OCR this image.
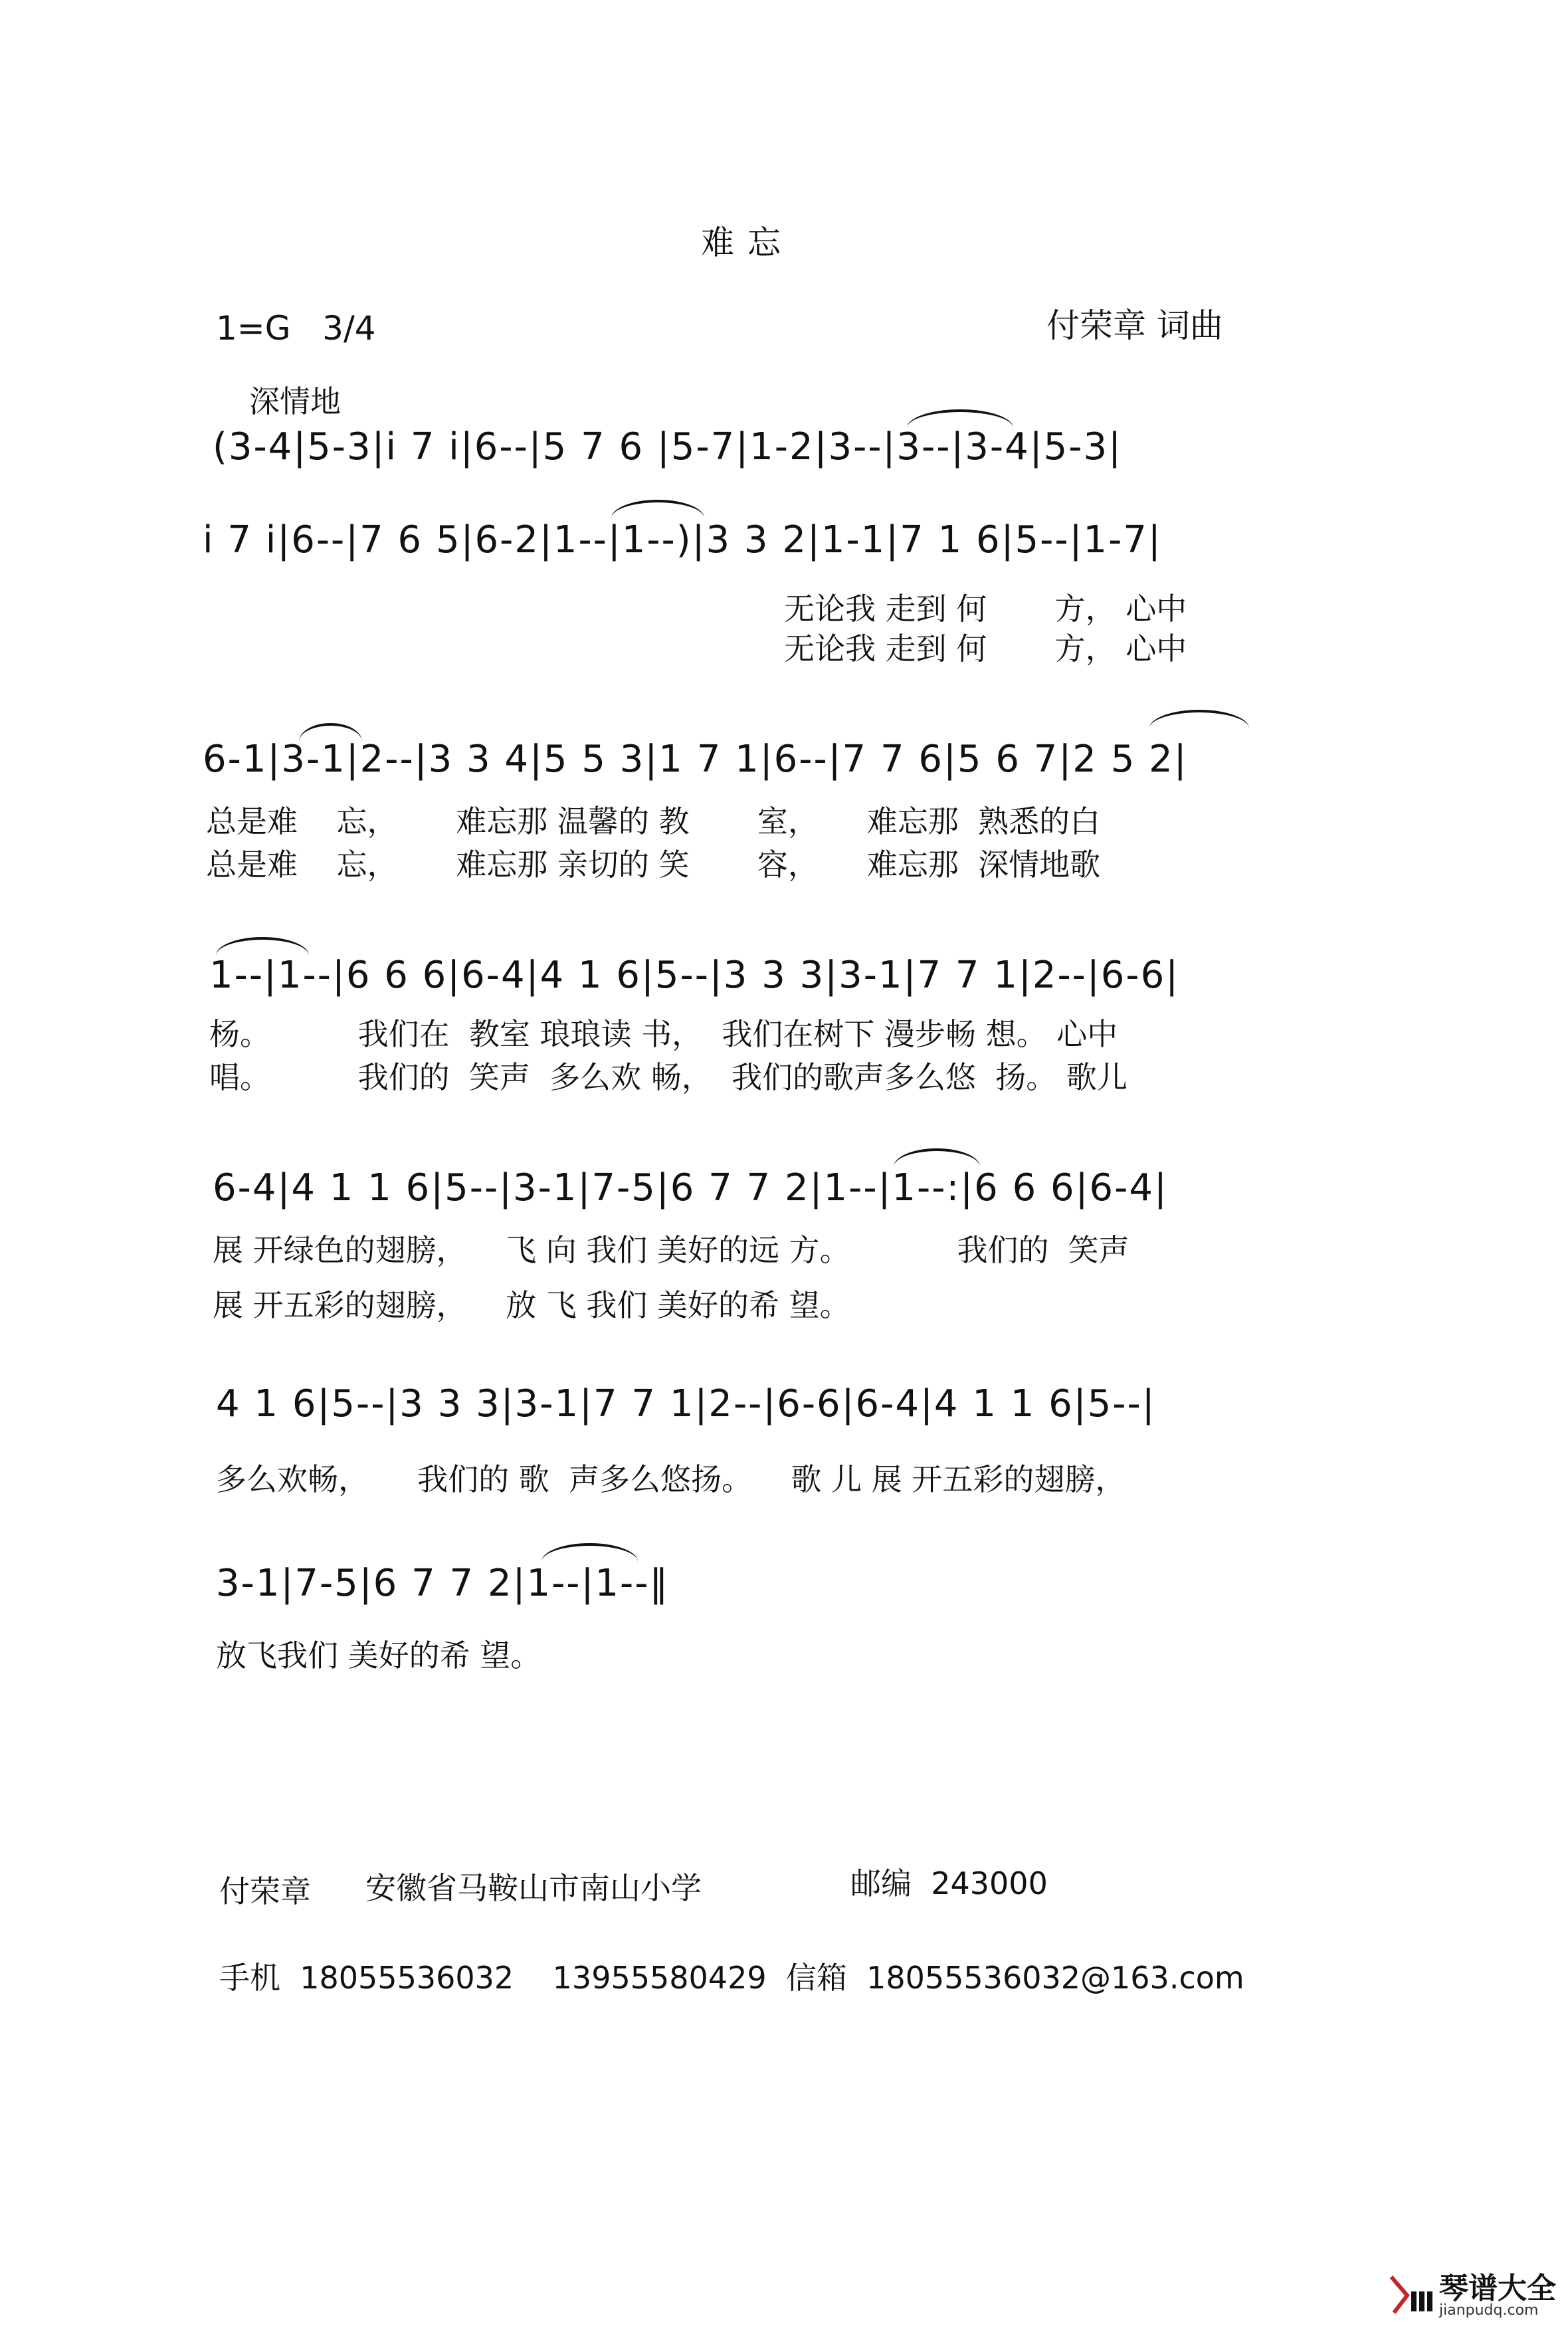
难忘
1=G   3/4	付荣章 词曲
深情地
(3-4|5-3|i 7 i|6--|5 7 6 |5-7|1-2|3--|3--|3-4|5-3|
i 7 i|6--|7 6 5|6-2|1--|1--)|3 3 2|1-1|7 1 6|5--|1-7|
无论我 走到 何       方， 心中
无论我 走到 何       方， 心中
6-1|3-1|2--|3 3 4|5 5 3|1 7 1|6--|7 7 6|5 6 7|2 5 2|
总是难    忘，      难忘那 温馨的 教       室，     难忘那  熟悉的白
总是难    忘，      难忘那 亲切的 笑       容，     难忘那  深情地歌
1--|1--|6 6 6|6-4|4 1 6|5--|3 3 3|3-1|7 7 1|2--|6-6|
杨。         我们在  教室 琅琅读 书，  我们在树下 漫步畅 想。 心中
唱。         我们的  笑声  多么欢 畅，  我们的歌声多么悠  扬。 歌儿
6-4|4 1 1 6|5--|3-1|7-5|6 7 7 2|1--|1--:|6 6 6|6-4|
展 开绿色的翅膀，    飞 向 我们 美好的远 方。           我们的  笑声
展 开五彩的翅膀，    放 飞 我们 美好的希 望。
4 1 6|5--|3 3 3|3-1|7 7 1|2--|6-6|6-4|4 1 1 6|5--|
多么欢畅，     我们的 歌  声多么悠扬。    歌 儿 展 开五彩的翅膀，
3-1|7-5|6 7 7 2|1--|1--‖
放飞我们 美好的希 望。
付荣章 安徽省马鞍山市南山小学	邮编  243000
手机  18055536032    13955580429  信箱  18055536032@163.com
琴谱大全
jianpudq.com
